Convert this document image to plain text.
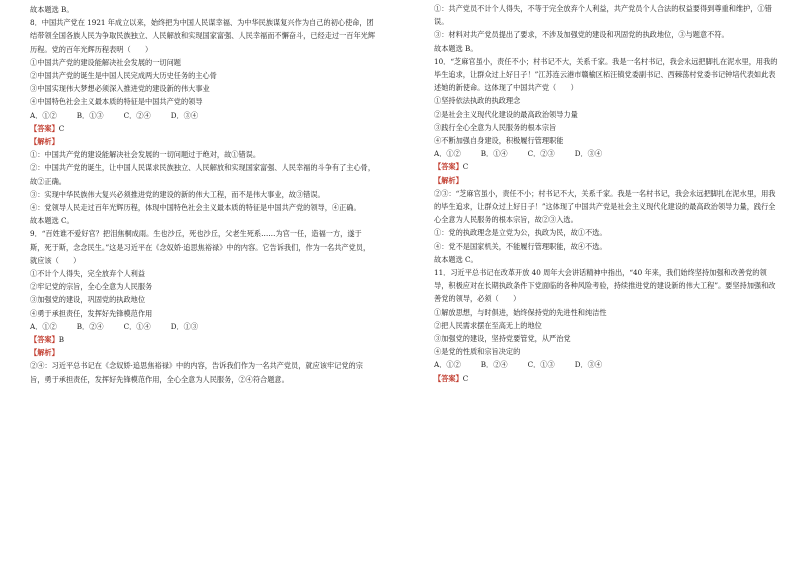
故本题选 B。

8．中国共产党在 1921 年成立以来，始终把为中国人民谋幸福、为中华民族谋复兴作为自己的初心使命，团结带领全国各族人民为争取民族独立、人民解放和实现国家富强、人民幸福而不懈奋斗，已经走过一百年光辉历程。党的百年光辉历程表明（　　）

①中国共产党的建设能解决社会发展的一切问题

②中国共产党的诞生是中国人民完成两大历史任务的主心骨

③中国实现伟大梦想必须深入推进党的建设新的伟大事业

④中国特色社会主义最本质的特征是中国共产党的领导

A．①②	B．①③	C．②④	D．③④

【答案】C

【解析】

①：中国共产党的建设能解决社会发展的一切问题过于绝对，故①错误。

②：中国共产党的诞生，让中国人民谋求民族独立、人民解放和实现国家富强、人民幸福的斗争有了主心骨，故②正确。

③：实现中华民族伟大复兴必须推进党的建设的新的伟大工程，而不是伟大事业，故③错误。

④：党领导人民走过百年光辉历程，体现中国特色社会主义最本质的特征是中国共产党的领导，④正确。

故本题选 C。

9．“百姓谁不爱好官？把泪焦桐成雨。生也沙丘，死也沙丘，父老生死系……为官一任，造福一方，遂于斯，死于斯，念念民生。”这是习近平在《念奴娇·追思焦裕禄》中的内容。它告诉我们，作为一名共产党员，就应该（　　）

①不计个人得失，完全放弃个人利益

②牢记党的宗旨，全心全意为人民服务

③加强党的建设，巩固党的执政地位

④勇于承担责任，发挥好先锋模范作用

A．①②	B．②④	C．①④	D．①③

【答案】B

【解析】

②④：习近平总书记在《念奴娇·追思焦裕禄》中的内容，告诉我们作为一名共产党员，就应该牢记党的宗旨，勇于承担责任，发挥好先锋模范作用，全心全意为人民服务，②④符合题意。

①：共产党员不计个人得失，不等于完全放弃个人利益，共产党员个人合法的权益要得到尊重和维护，①错误。

③：材料对共产党员提出了要求，不涉及加强党的建设和巩固党的执政地位，③与题意不符。

故本题选 B。

10．“芝麻官虽小，责任不小；村书记不大，关系千家。我是一名村书记，我会永远把脚扎在泥水里，用我的毕生追求，让群众过上好日子！”江苏连云港市赣榆区柘汪镇党委副书记、西棘荡村党委书记钟培代表如此表述她的新使命。这体现了中国共产党（　　）

①坚持依法执政的执政理念

②是社会主义现代化建设的最高政治领导力量

③践行全心全意为人民服务的根本宗旨

④不断加强自身建设，积极履行管理职能

A．①②	B．①④	C．②③	D．③④

【答案】C

【解析】

②③：“芝麻官虽小，责任不小；村书记不大，关系千家。我是一名村书记，我会永远把脚扎在泥水里，用我的毕生追求，让群众过上好日子！”这体现了中国共产党是社会主义现代化建设的最高政治领导力量，践行全心全意为人民服务的根本宗旨，故②③入选。

①：党的执政理念是立党为公，执政为民，故①不选。

④：党不是国家机关，不能履行管理职能，故④不选。

故本题选 C。

11．习近平总书记在改革开放 40 周年大会讲话精神中指出，“40 年来，我们始终坚持加强和改善党的领导，积极应对在长期执政条件下党面临的各种风险考验，持续推进党的建设新的伟大工程”。要坚持加强和改善党的领导，必须（　　）

①解放思想，与时俱进，始终保持党的先进性和纯洁性

②把人民需求摆在至高无上的地位

③加强党的建设，坚持党要管党，从严治党

④是党的性质和宗旨决定的

A．①②	B．②④	C．①③	D．③④

【答案】C
